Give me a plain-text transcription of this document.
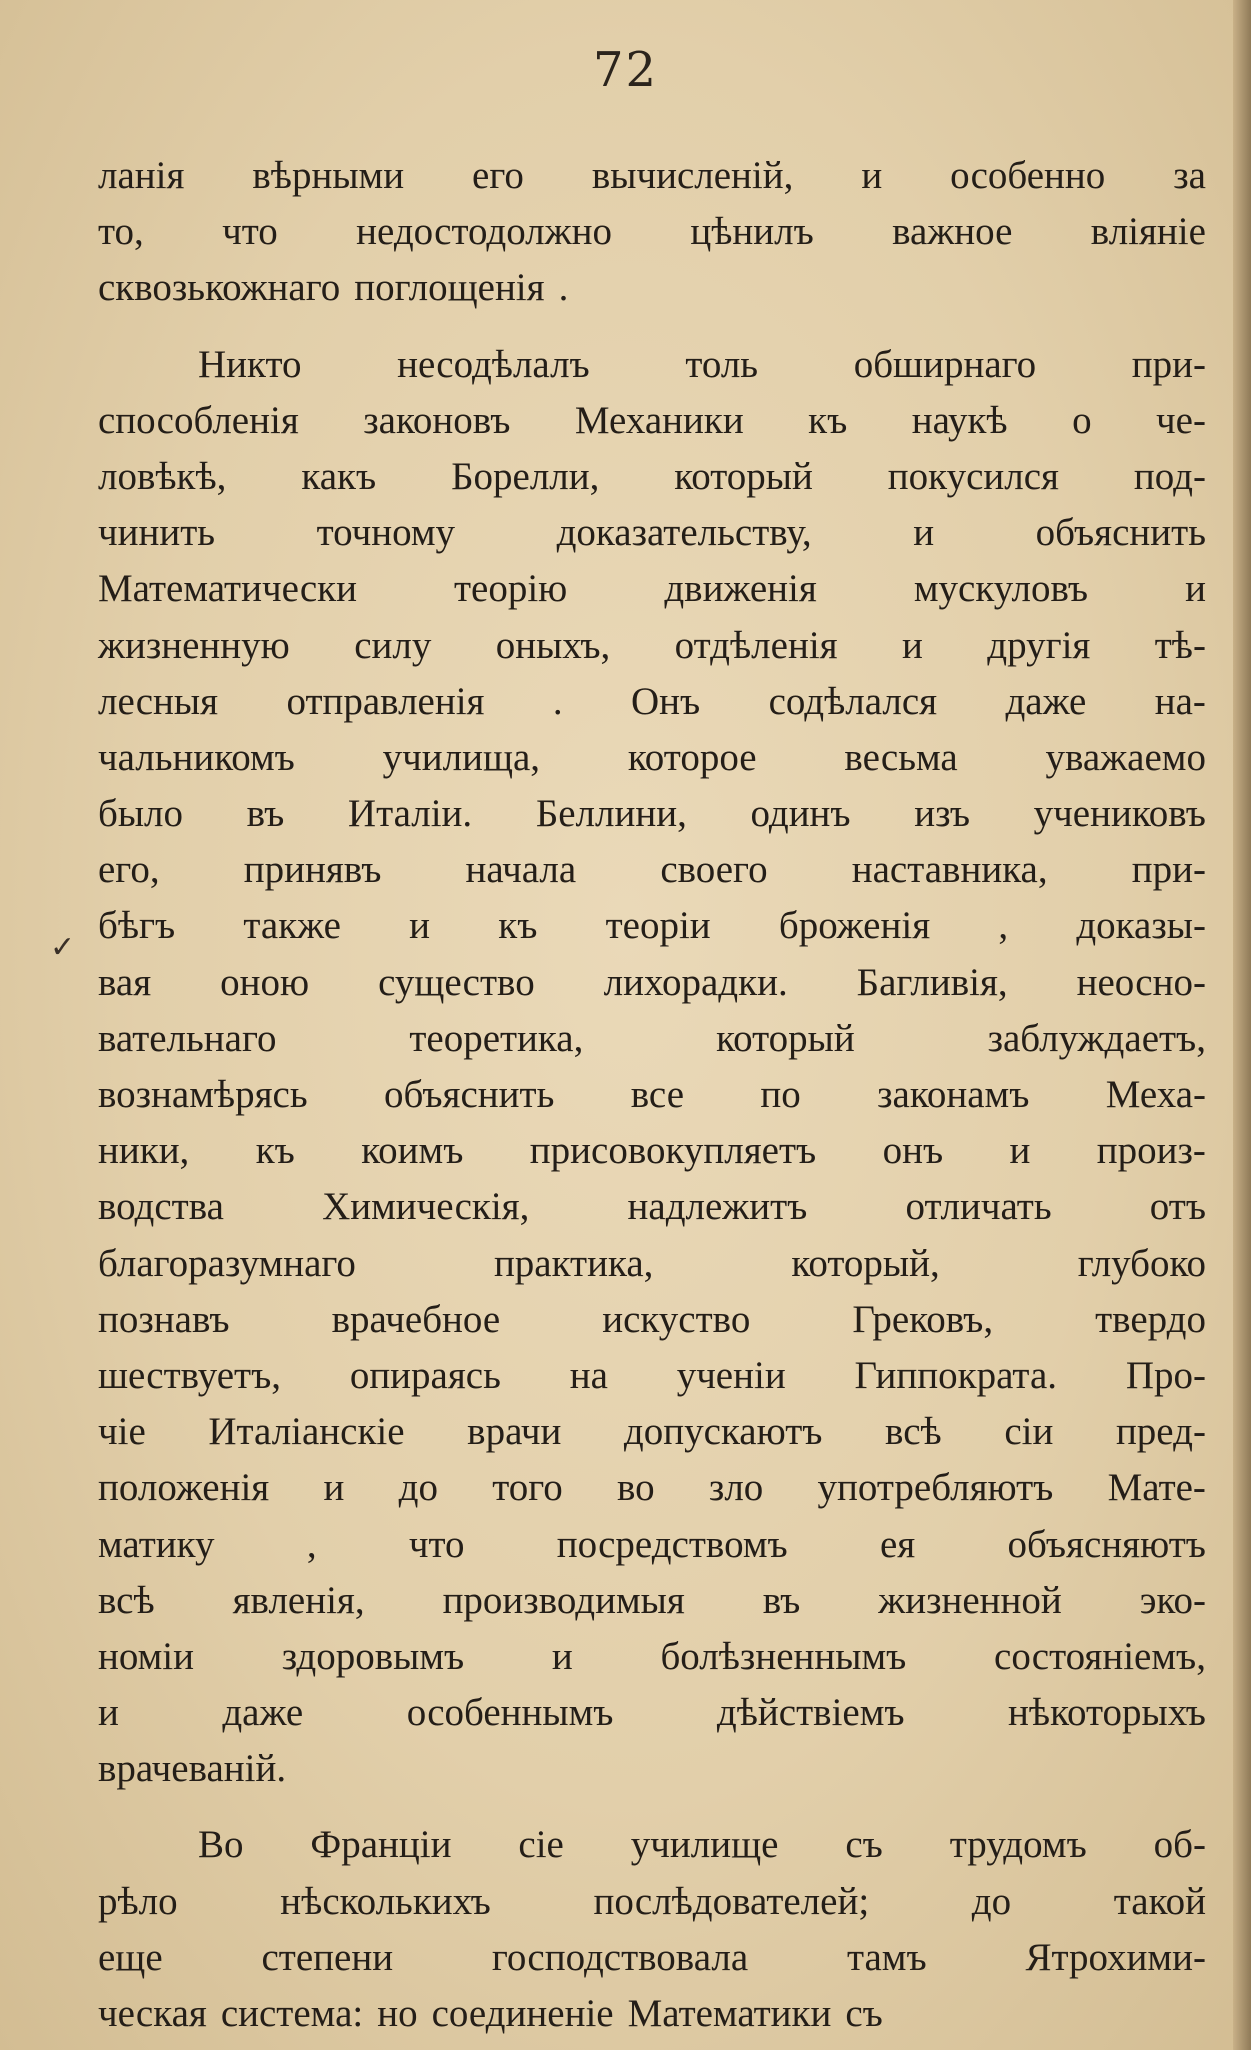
72
✓
ланія вѣрными его вычисленій, и особенно за
то, что недостодолжно цѣнилъ важное вліяніе
сквозькожнаго поглощенія .
Никто несодѣлалъ толь обширнаго при-
способленія законовъ Механики къ наукѣ о че-
ловѣкѣ, какъ Борелли, который покусился под-
чинить	точному	доказательству,	и	объяснить
Математически теорію движенія мускуловъ и
жизненную силу оныхъ, отдѣленія и другія тѣ-
лесныя отправленія . Онъ содѣлался даже на-
чальникомъ училища, которое весьма уважаемо
было въ Италіи. Беллини, одинъ изъ учениковъ
его, принявъ начала своего наставника, при-
бѣгъ также и къ теоріи броженія , доказы-
вая оною существо лихорадки. Багливія, неосно-
вательнаго	теоретика,	который	заблуждаетъ,
вознамѣрясь объяснить все по законамъ Меха-
ники, къ коимъ присовокупляетъ онъ и произ-
водства	Химическія,	надлежитъ	отличать	отъ
благоразумнаго	практика,	который,	глубоко
познавъ	врачебное	искуство	Грековъ,	твердо
шествуетъ, опираясь на ученіи Гиппократа. Про-
чіе Италіанскіе врачи допускаютъ всѣ сіи пред-
положенія и до того во зло употребляютъ Мате-
матику , что посредствомъ ея объясняютъ
всѣ явленія, производимыя въ жизненной эко-
номіи здоровымъ и болѣзненнымъ состояніемъ,
и	даже	особеннымъ	дѣйствіемъ	нѣкоторыхъ
врачеваній.
Во Франціи сіе училище съ трудомъ об-
рѣло	нѣсколькихъ	послѣдователей;	до	такой
еще	степени	господствовала	тамъ	Ятрохими-
ческая система: но соединеніе Математики съ
